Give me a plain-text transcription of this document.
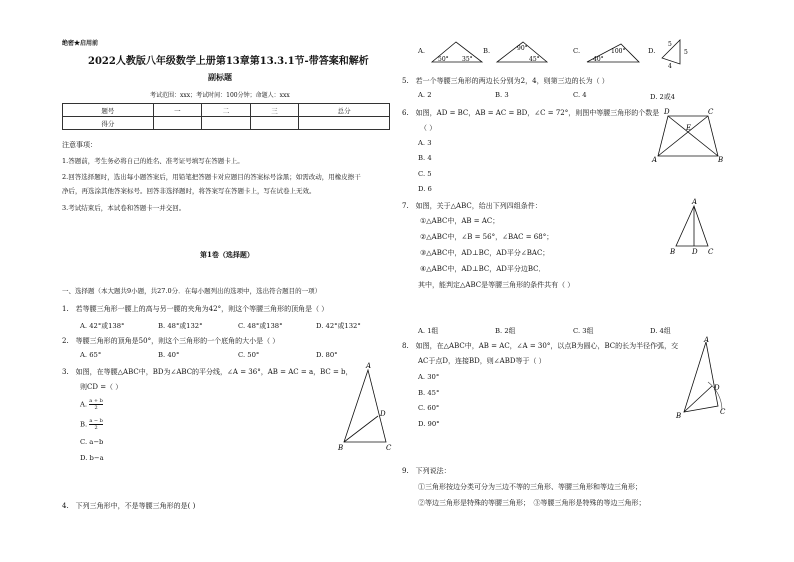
绝密★启用前
2022人教版八年级数学上册第13章第13.3.1节-带答案和解析
副标题
考试范围：xxx；考试时间：100分钟；命题人：xxx
题号	一	二	三	总分
得分				
注意事项：
1.答题前，考生务必将自己的姓名、准考证号填写在答题卡上。
2.回答选择题时，选出每小题答案后，用铅笔把答题卡对应题目的答案标号涂黑；如需改动，用橡皮擦干
净后，再选涂其他答案标号。回答非选择题时，将答案写在答题卡上，写在试卷上无效。
3.考试结束后，本试卷和答题卡一并交回。
第1卷（选择题）
一、选择题（本大题共9小题，共27.0分．在每小题列出的选项中，选出符合题目的一项）
1.　若等腰三角形一腰上的高与另一腰的夹角为42°，则这个等腰三角形的顶角是（ ）
A. 42°或138°	B. 48°或132°	C. 48°或138°	D. 42°或132°
2.　等腰三角形的顶角是50°，则这个三角形的一个底角的大小是（ ）
A. 65°	B. 40°	C. 50°	D. 80°
3.　如图，在等腰△ABC中，BD为∠ABC的平分线，∠A = 36°，AB = AC = a，BC = b，
则CD =（ ）
A. $\frac{a + b}{2}$
B. $\frac{a - b}{2}$
C. a−b
D. b−a
A
D
B	C
4.　下列三角形中，不是等腰三角形的是( )
A.
50° 35°
B.	90°
45°
C.	100°
40°
D.
5
5
4
5.　若一个等腰三角形的两边长分别为2，4，则第三边的长为（ ）
A. 2	B. 3	C. 4	D. 2或4
6.　如图，AD = BC，AB = AC = BD，∠C = 72°，则图中等腰三角形的个数是
（ ）
A. 3
B. 4
C. 5
D. 6
D	C
E
A	B
7.　如图，关于△ABC，给出下列四组条件：
①△ABC中，AB = AC；
②△ABC中，∠B = 56°，∠BAC = 68°；
③△ABC中，AD⊥BC，AD平分∠BAC；
④△ABC中，AD⊥BC，AD平分边BC．
其中，能判定△ABC是等腰三角形的条件共有（ ）
A. 1组	B. 2组	C. 3组	D. 4组
A
B D C
8.　如图，在△ABC中，AB = AC，∠A = 30°，以点B为圆心，BC的长为半径作弧，交
AC于点D，连接BD，则∠ABD等于（ ）
A. 30°
B. 45°
C. 60°
D. 90°
A
D
B	C
9.　下列说法：
①三角形按边分类可分为三边不等的三角形、等腰三角形和等边三角形；
②等边三角形是特殊的等腰三角形；　③等腰三角形是特殊的等边三角形；
